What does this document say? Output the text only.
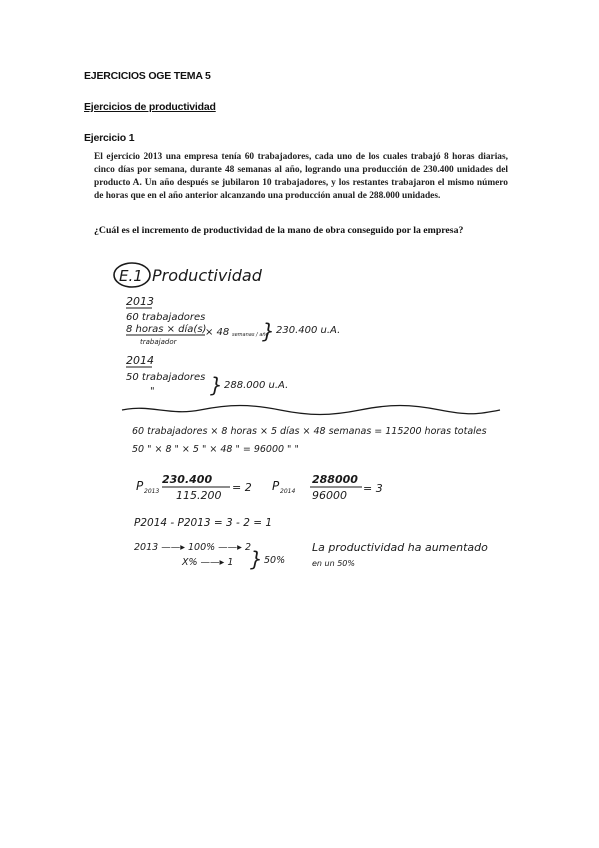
EJERCICIOS OGE TEMA 5
Ejercicios de productividad
Ejercicio 1
El ejercicio 2013 una empresa tenía 60 trabajadores, cada uno de los cuales trabajó 8 horas diarias, cinco días por semana, durante 48 semanas al año, logrando una producción de 230.400 unidades del producto A. Un año después se jubilaron 10 trabajadores, y los restantes trabajaron el mismo número de horas que en el año anterior alcanzando una producción anual de 288.000 unidades.
¿Cuál es el incremento de productividad de la mano de obra conseguido por la empresa?
E.1 Productividad
2013
60 trabajadores
8 horas × día(s)
trabajador
× 48 semanas / año
} 230.400 u.A.
2014
50 trabajadores
"	} 288.000 u.A.
60 trabajadores × 8 horas × 5 días × 48 semanas = 115200 horas totales
50 " × 8 " × 5 " × 48 " = 96000 " "
P 2013
230.400
115.200
= 2 P 2014
288000
96000
= 3
P2014 - P2013 = 3 - 2 = 1
2013 ——▸ 100% ——▸ 2
X% ——▸ 1 } 50%
La productividad ha aumentado
en un 50%
